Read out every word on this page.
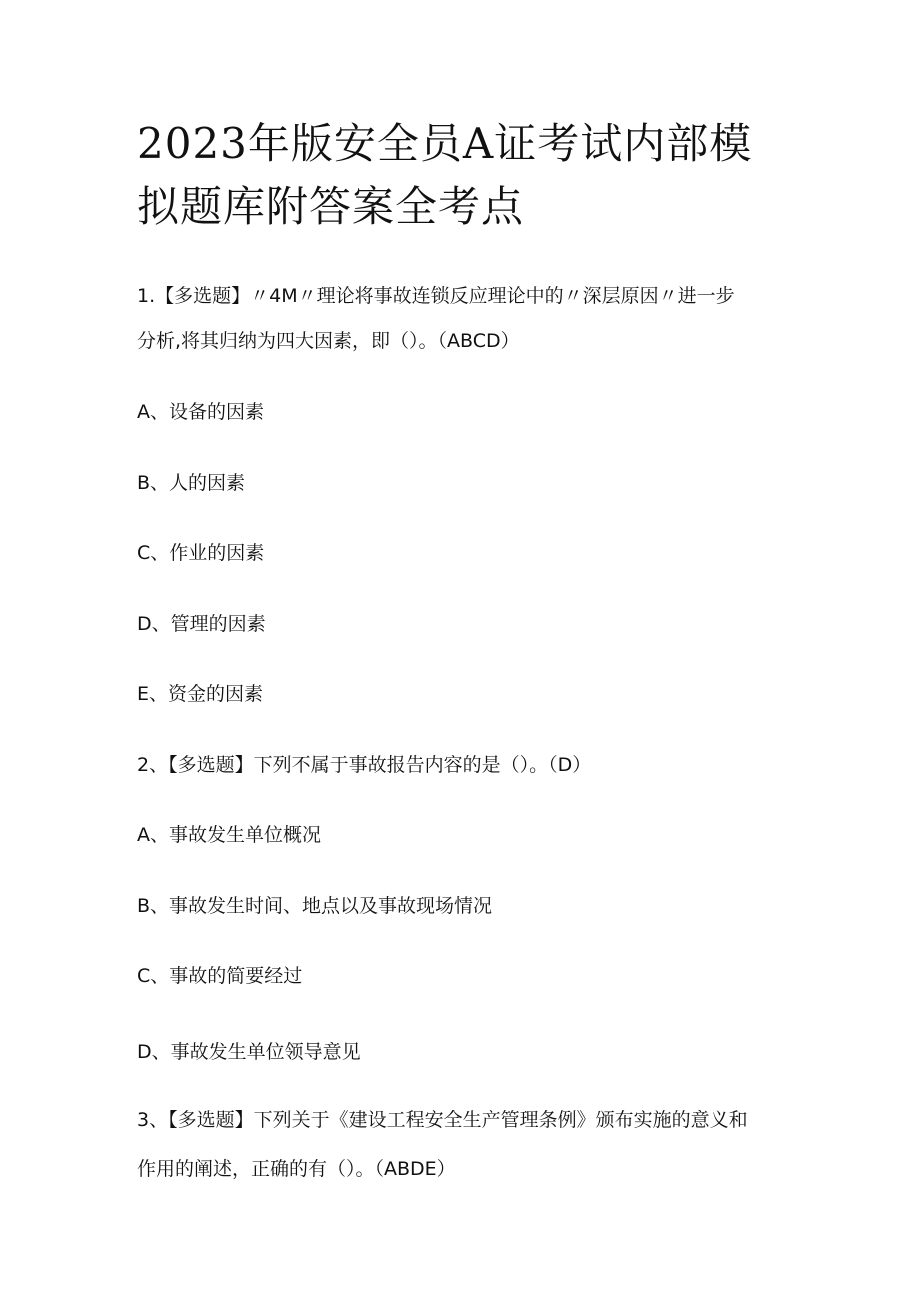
2023年版安全员A证考试内部模
拟题库附答案全考点

1.【多选题】〃4M〃理论将事故连锁反应理论中的〃深层原因〃进一步

分析,将其归纳为四大因素，即（）。（ABCD）

A、设备的因素

B、人的因素

C、作业的因素

D、管理的因素

E、资金的因素

2、【多选题】下列不属于事故报告内容的是（）。（D）

A、事故发生单位概况

B、事故发生时间、地点以及事故现场情况

C、事故的简要经过

D、事故发生单位领导意见

3、【多选题】下列关于《建设工程安全生产管理条例》颁布实施的意义和

作用的阐述，正确的有（）。（ABDE）
